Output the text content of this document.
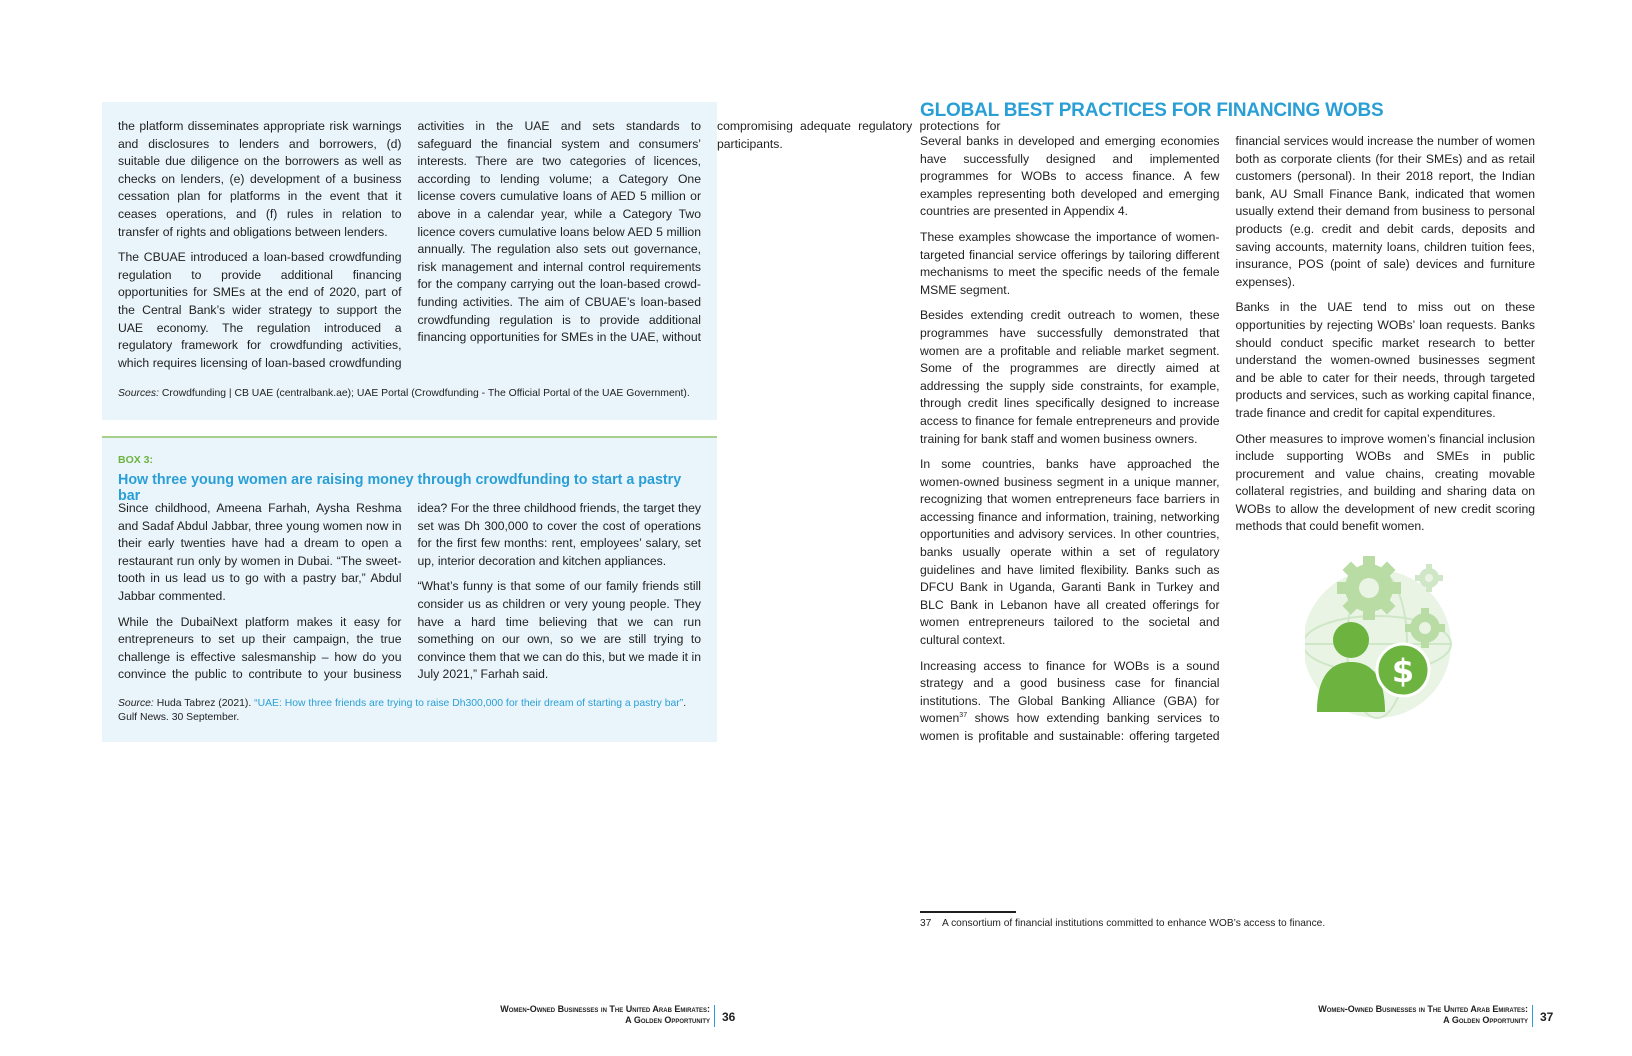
the platform disseminates appropriate risk warnings and disclosures to lenders and borrowers, (d) suitable due diligence on the borrowers as well as checks on lenders, (e) development of a business cessation plan for platforms in the event that it ceases operations, and (f) rules in relation to transfer of rights and obligations between lenders.

The CBUAE introduced a loan-based crowdfunding regulation to provide additional financing opportunities for SMEs at the end of 2020, part of the Central Bank’s wider strategy to support the UAE economy. The regulation introduced a regulatory framework for crowdfunding activities, which requires licensing of loan-based crowdfunding activities in the UAE and sets standards to safeguard the financial system and consumers’ interests. There are two categories of licences, according to lending volume; a Category One license covers cumulative loans of AED 5 million or above in a calendar year, while a Category Two licence covers cumulative loans below AED 5 million annually. The regulation also sets out governance, risk management and internal control requirements for the company carrying out the loan-based crowd-funding activities. The aim of CBUAE’s loan-based crowdfunding regulation is to provide additional financing opportunities for SMEs in the UAE, without compromising adequate regulatory protections for participants.

Sources: Crowdfunding | CB UAE (centralbank.ae); UAE Portal (Crowdfunding - The Official Portal of the UAE Government).

BOX 3:
How three young women are raising money through crowdfunding to start a pastry bar

Since childhood, Ameena Farhah, Aysha Reshma and Sadaf Abdul Jabbar, three young women now in their early twenties have had a dream to open a restaurant run only by women in Dubai. “The sweet-tooth in us lead us to go with a pastry bar,” Abdul Jabbar commented.

While the DubaiNext platform makes it easy for entrepreneurs to set up their campaign, the true challenge is effective salesmanship – how do you convince the public to contribute to your business idea? For the three childhood friends, the target they set was Dh 300,000 to cover the cost of operations for the first few months: rent, employees’ salary, set up, interior decoration and kitchen appliances.

“What’s funny is that some of our family friends still consider us as children or very young people. They have a hard time believing that we can run something on our own, so we are still trying to convince them that we can do this, but we made it in July 2021,” Farhah said.

Source: Huda Tabrez (2021). “UAE: How three friends are trying to raise Dh300,000 for their dream of starting a pastry bar”. Gulf News. 30 September.

GLOBAL BEST PRACTICES FOR FINANCING WOBS

Several banks in developed and emerging economies have successfully designed and implemented programmes for WOBs to access finance. A few examples representing both developed and emerging countries are presented in Appendix 4.

These examples showcase the importance of women-targeted financial service offerings by tailoring different mechanisms to meet the specific needs of the female MSME segment.

Besides extending credit outreach to women, these programmes have successfully demonstrated that women are a profitable and reliable market segment. Some of the programmes are directly aimed at addressing the supply side constraints, for example, through credit lines specifically designed to increase access to finance for female entrepreneurs and provide training for bank staff and women business owners.

In some countries, banks have approached the women-owned business segment in a unique manner, recognizing that women entrepreneurs face barriers in accessing finance and information, training, networking opportunities and advisory services. In other countries, banks usually operate within a set of regulatory guidelines and have limited flexibility. Banks such as DFCU Bank in Uganda, Garanti Bank in Turkey and BLC Bank in Lebanon have all created offerings for women entrepreneurs tailored to the societal and cultural context.

Increasing access to finance for WOBs is a sound strategy and a good business case for financial institutions. The Global Banking Alliance (GBA) for women$^{37}$ shows how extending banking services to women is profitable and sustainable: offering targeted financial services would increase the number of women both as corporate clients (for their SMEs) and as retail customers (personal). In their 2018 report, the Indian bank, AU Small Finance Bank, indicated that women usually extend their demand from business to personal products (e.g. credit and debit cards, deposits and saving accounts, maternity loans, children tuition fees, insurance, POS (point of sale) devices and furniture expenses).

Banks in the UAE tend to miss out on these opportunities by rejecting WOBs’ loan requests. Banks should conduct specific market research to better understand the women-owned businesses segment and be able to cater for their needs, through targeted products and services, such as working capital finance, trade finance and credit for capital expenditures.

Other measures to improve women’s financial inclusion include supporting WOBs and SMEs in public procurement and value chains, creating movable collateral registries, and building and sharing data on WOBs to allow the development of new credit scoring methods that could benefit women.

$

37 A consortium of financial institutions committed to enhance WOB’s access to finance.

Women-Owned Businesses in The United Arab Emirates:
A Golden Opportunity 36
Women-Owned Businesses in The United Arab Emirates:
A Golden Opportunity 37
